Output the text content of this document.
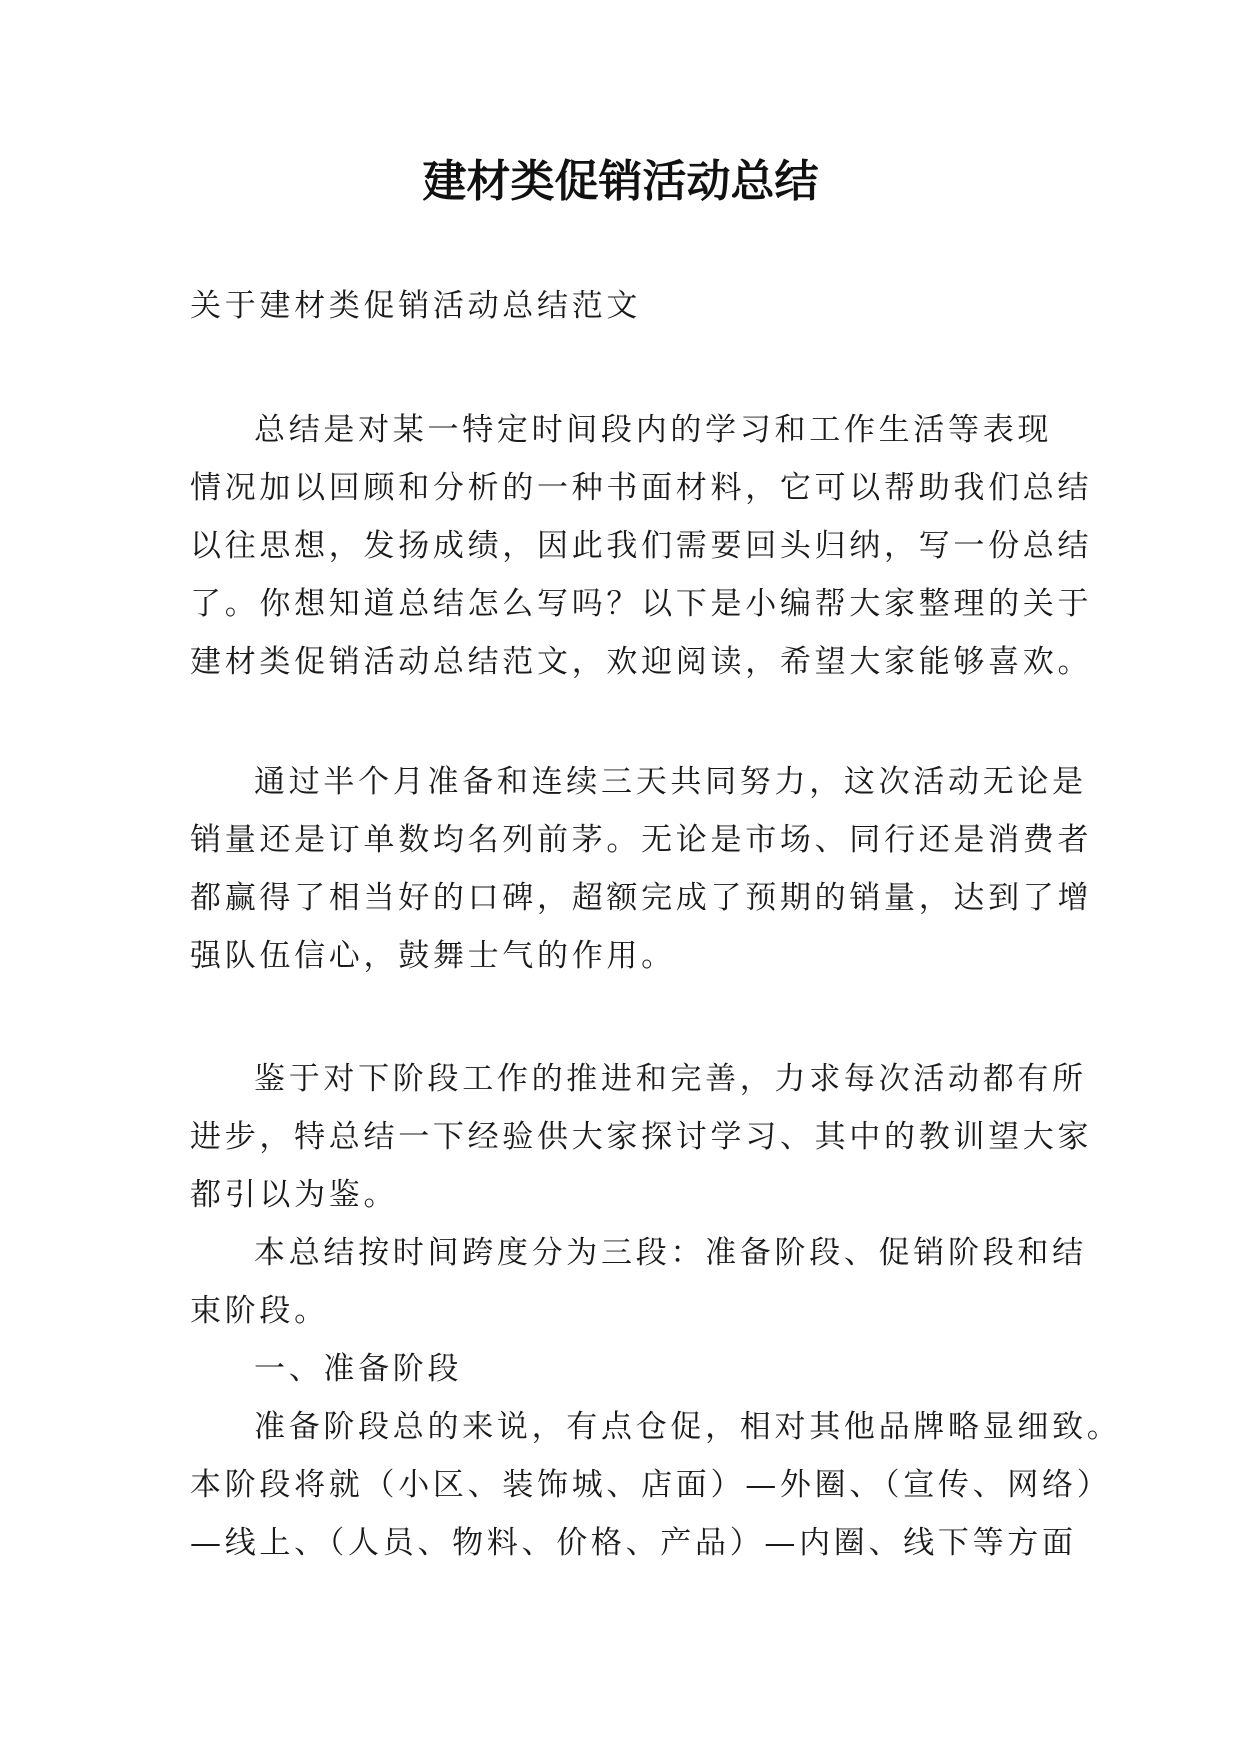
建材类促销活动总结
关于建材类促销活动总结范文
总结是对某一特定时间段内的学习和工作生活等表现
情况加以回顾和分析的一种书面材料，它可以帮助我们总结
以往思想，发扬成绩，因此我们需要回头归纳，写一份总结
了。你想知道总结怎么写吗？以下是小编帮大家整理的关于
建材类促销活动总结范文，欢迎阅读，希望大家能够喜欢。
通过半个月准备和连续三天共同努力，这次活动无论是
销量还是订单数均名列前茅。无论是市场、同行还是消费者
都赢得了相当好的口碑，超额完成了预期的销量，达到了增
强队伍信心，鼓舞士气的作用。
鉴于对下阶段工作的推进和完善，力求每次活动都有所
进步，特总结一下经验供大家探讨学习、其中的教训望大家
都引以为鉴。
本总结按时间跨度分为三段：准备阶段、促销阶段和结
束阶段。
一、准备阶段
准备阶段总的来说，有点仓促，相对其他品牌略显细致。
本阶段将就（小区、装饰城、店面）—外圈、（宣传、网络）
—线上、（人员、物料、价格、产品）—内圈、线下等方面
